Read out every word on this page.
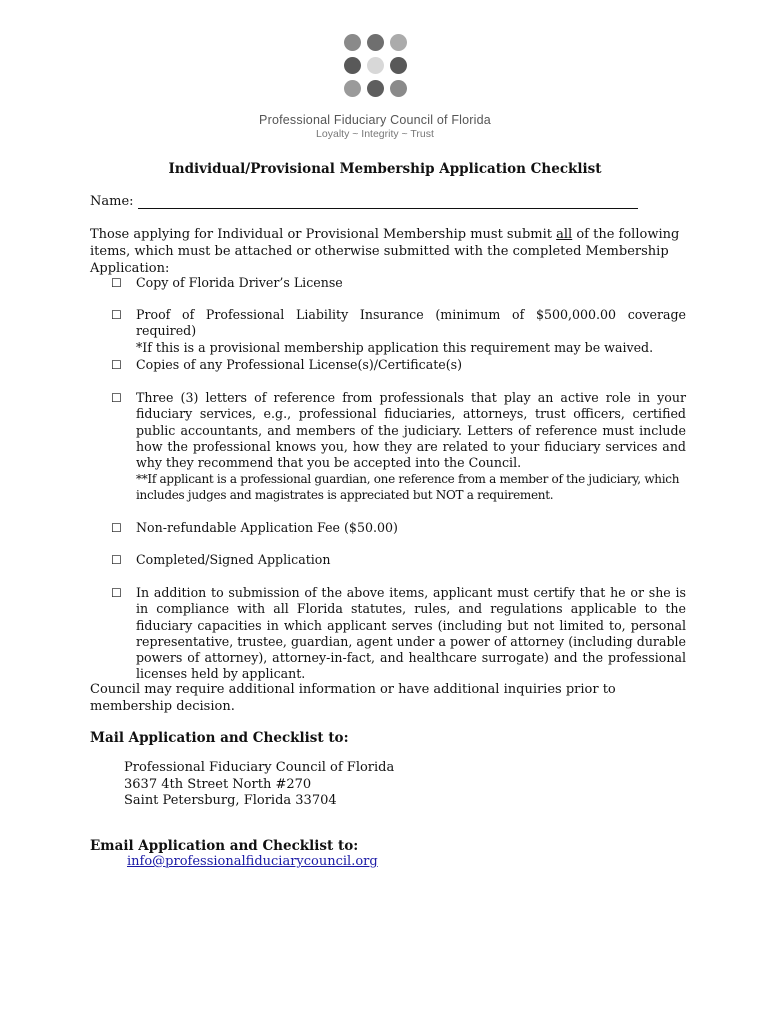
Professional Fiduciary Council of Florida
Loyalty ~ Integrity ~ Trust
Individual/Provisional Membership Application Checklist
Name:
Those applying for Individual or Provisional Membership must submit all of the following items, which must be attached or otherwise submitted with the completed Membership Application:
☐ Copy of Florida Driver’s License
☐ Proof of Professional Liability Insurance (minimum of $500,000.00 coverage required)
*If this is a provisional membership application this requirement may be waived.
☐ Copies of any Professional License(s)/Certificate(s)
☐ Three (3) letters of reference from professionals that play an active role in your fiduciary services, e.g., professional fiduciaries, attorneys, trust officers, certified public accountants, and members of the judiciary. Letters of reference must include how the professional knows you, how they are related to your fiduciary services and why they recommend that you be accepted into the Council.
**If applicant is a professional guardian, one reference from a member of the judiciary, which includes judges and magistrates is appreciated but NOT a requirement.
☐ Non-refundable Application Fee ($50.00)
☐ Completed/Signed Application
☐ In addition to submission of the above items, applicant must certify that he or she is in compliance with all Florida statutes, rules, and regulations applicable to the fiduciary capacities in which applicant serves (including but not limited to, personal representative, trustee, guardian, agent under a power of attorney (including durable powers of attorney), attorney-in-fact, and healthcare surrogate) and the professional licenses held by applicant.
Council may require additional information or have additional inquiries prior to membership decision.
Mail Application and Checklist to:
Professional Fiduciary Council of Florida
3637 4th Street North #270
Saint Petersburg, Florida 33704
Email Application and Checklist to:
info@professionalfiduciarycouncil.org
